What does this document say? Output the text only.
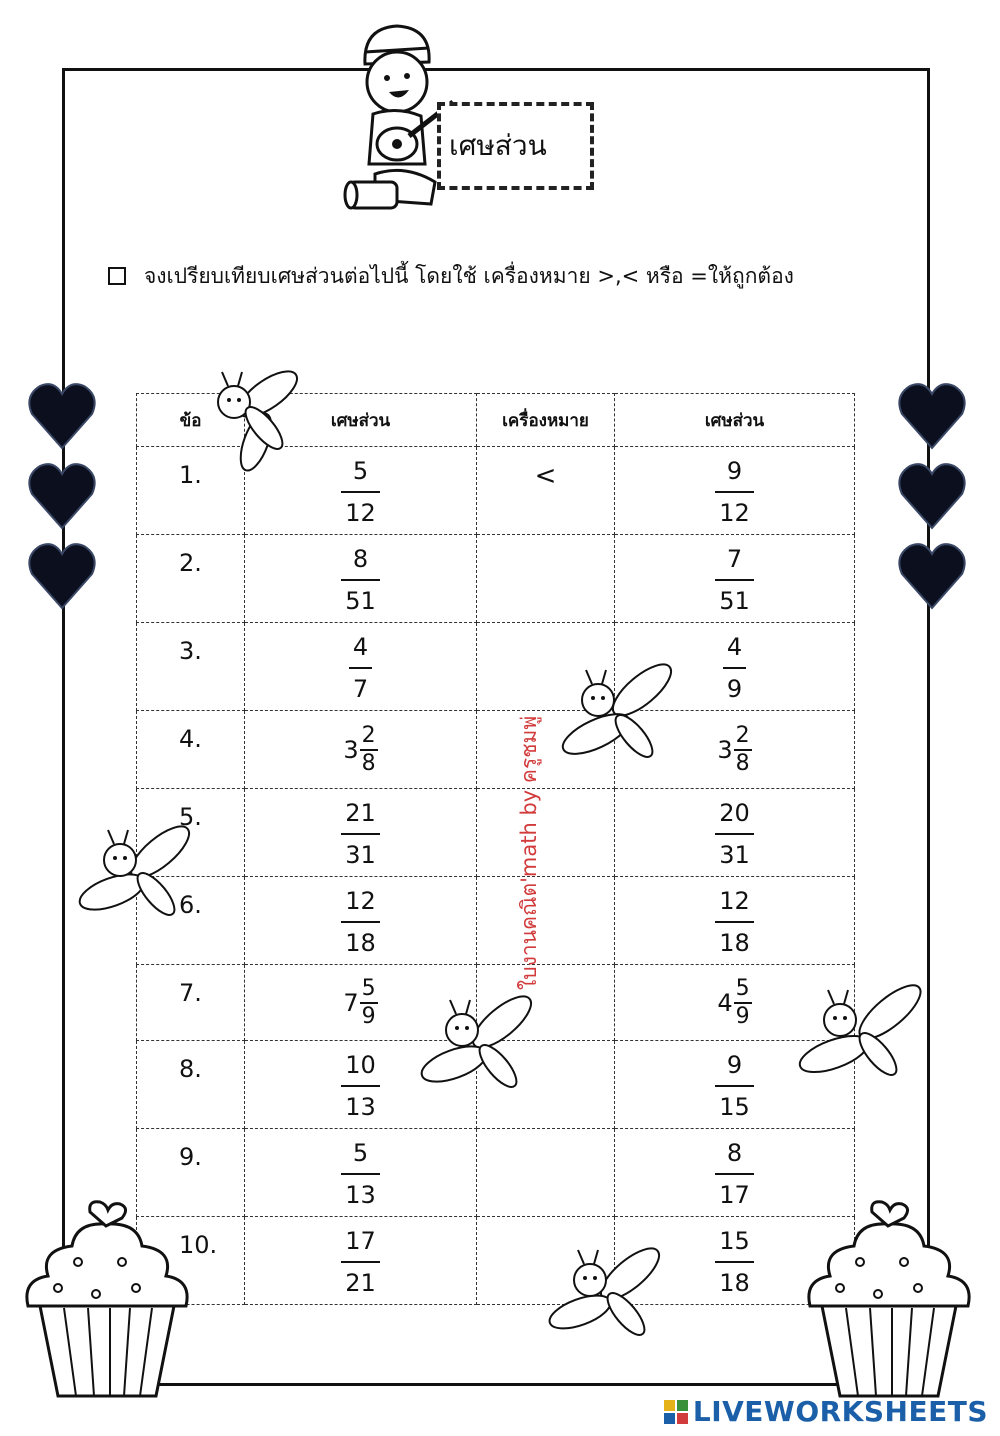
เศษส่วน
จงเปรียบเทียบเศษส่วนต่อไปนี้ โดยใช้ เครื่องหมาย >,< หรือ =ให้ถูกต้อง
ข้อ	เศษส่วน	เครื่องหมาย	เศษส่วน
1.	$\frac{5}{12}$	<	$\frac{9}{12}$

2.	$\frac{8}{51}$		$\frac{7}{51}$

3.	$\frac{4}{7}$		$\frac{4}{9}$

4.	$3 \frac{2}{8}$		$3 \frac{2}{8}$

5.	$\frac{21}{31}$		$\frac{20}{31}$

6.	$\frac{12}{18}$		$\frac{12}{18}$

7.	$7 \frac{5}{9}$		$4 \frac{5}{9}$

8.	$\frac{10}{13}$		$\frac{9}{15}$

9.	$\frac{5}{13}$		$\frac{8}{17}$

10.	$\frac{17}{21}$		$\frac{15}{18}$
ใบงานคณิต'math by ครูชมพู่
LIVEWORKSHEETS
